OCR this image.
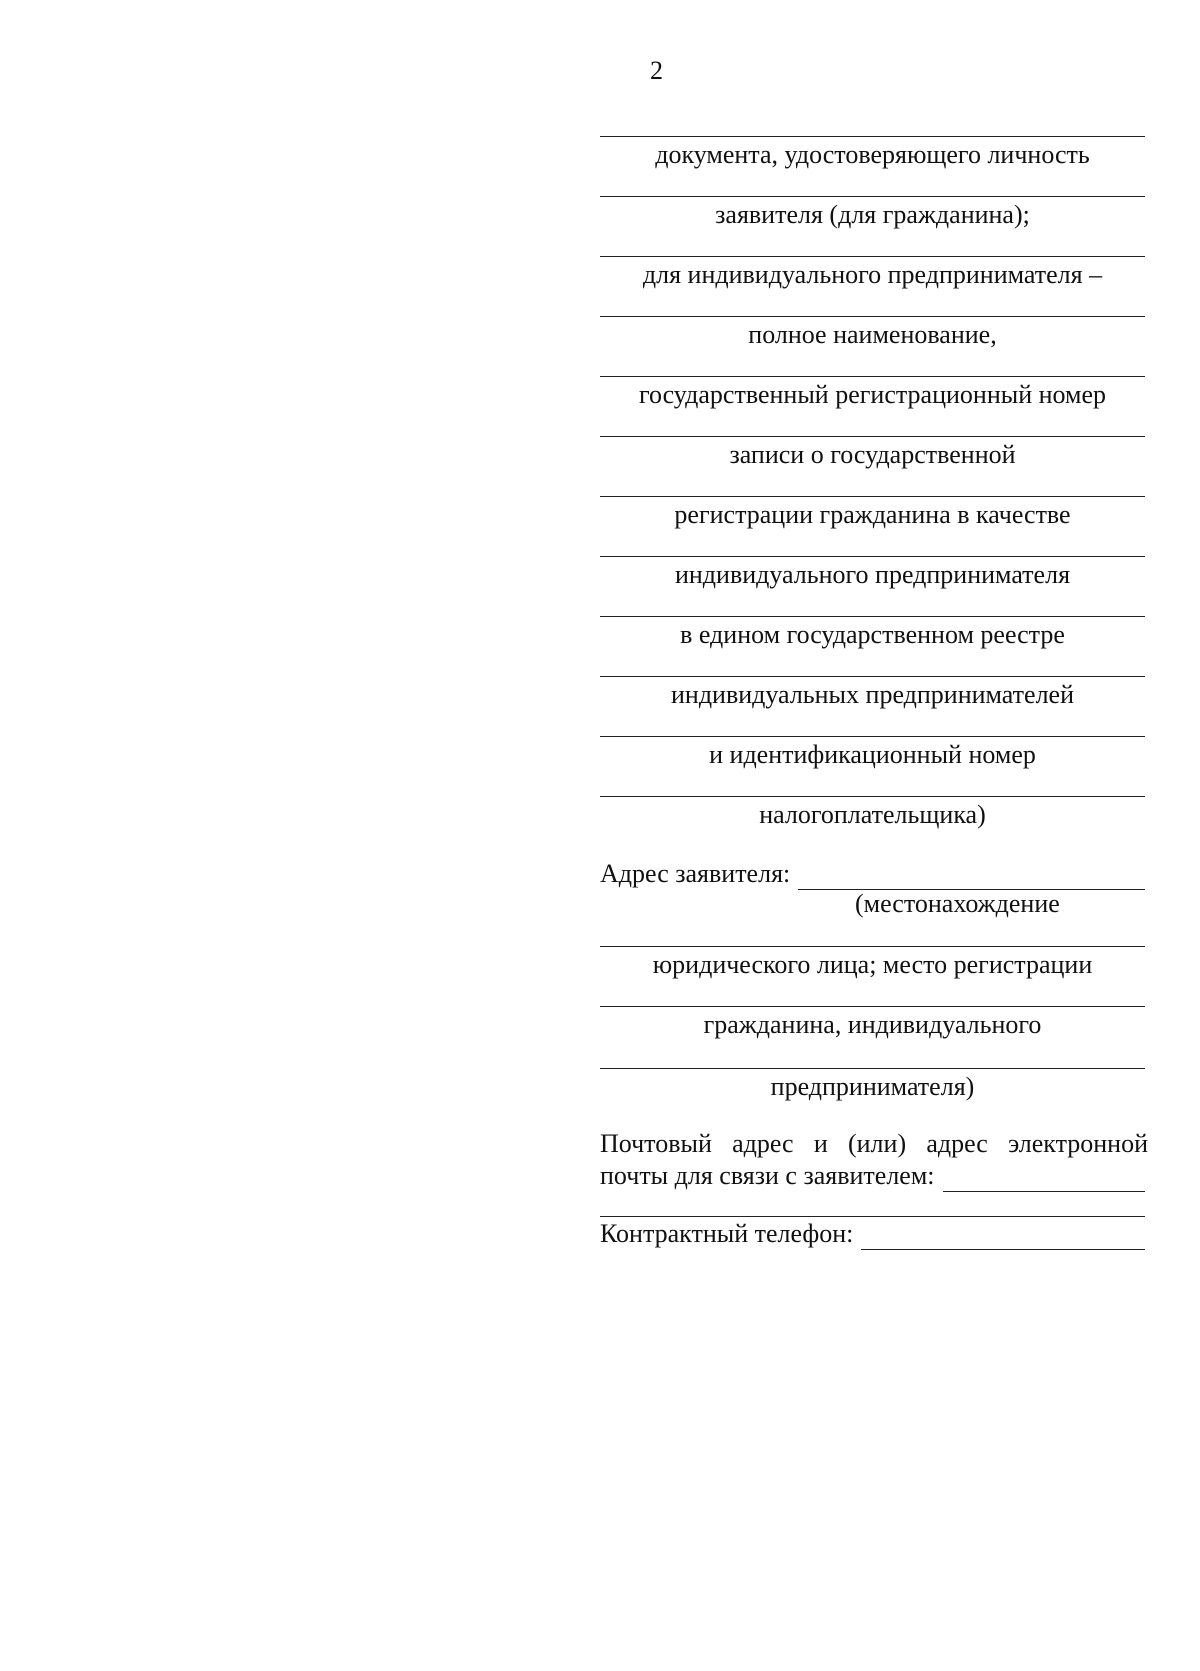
2
документа, удостоверяющего личность
заявителя (для гражданина);
для индивидуального предпринимателя –
полное наименование,
государственный регистрационный номер
записи о государственной
регистрации гражданина в качестве
индивидуального предпринимателя
в едином государственном реестре
индивидуальных предпринимателей
и идентификационный номер
налогоплательщика)
Адрес заявителя:
(местонахождение
юридического лица; место регистрации
гражданина, индивидуального
предпринимателя)
Почтовый адрес и (или) адрес электронной
почты для связи с заявителем:
Контрактный телефон:
